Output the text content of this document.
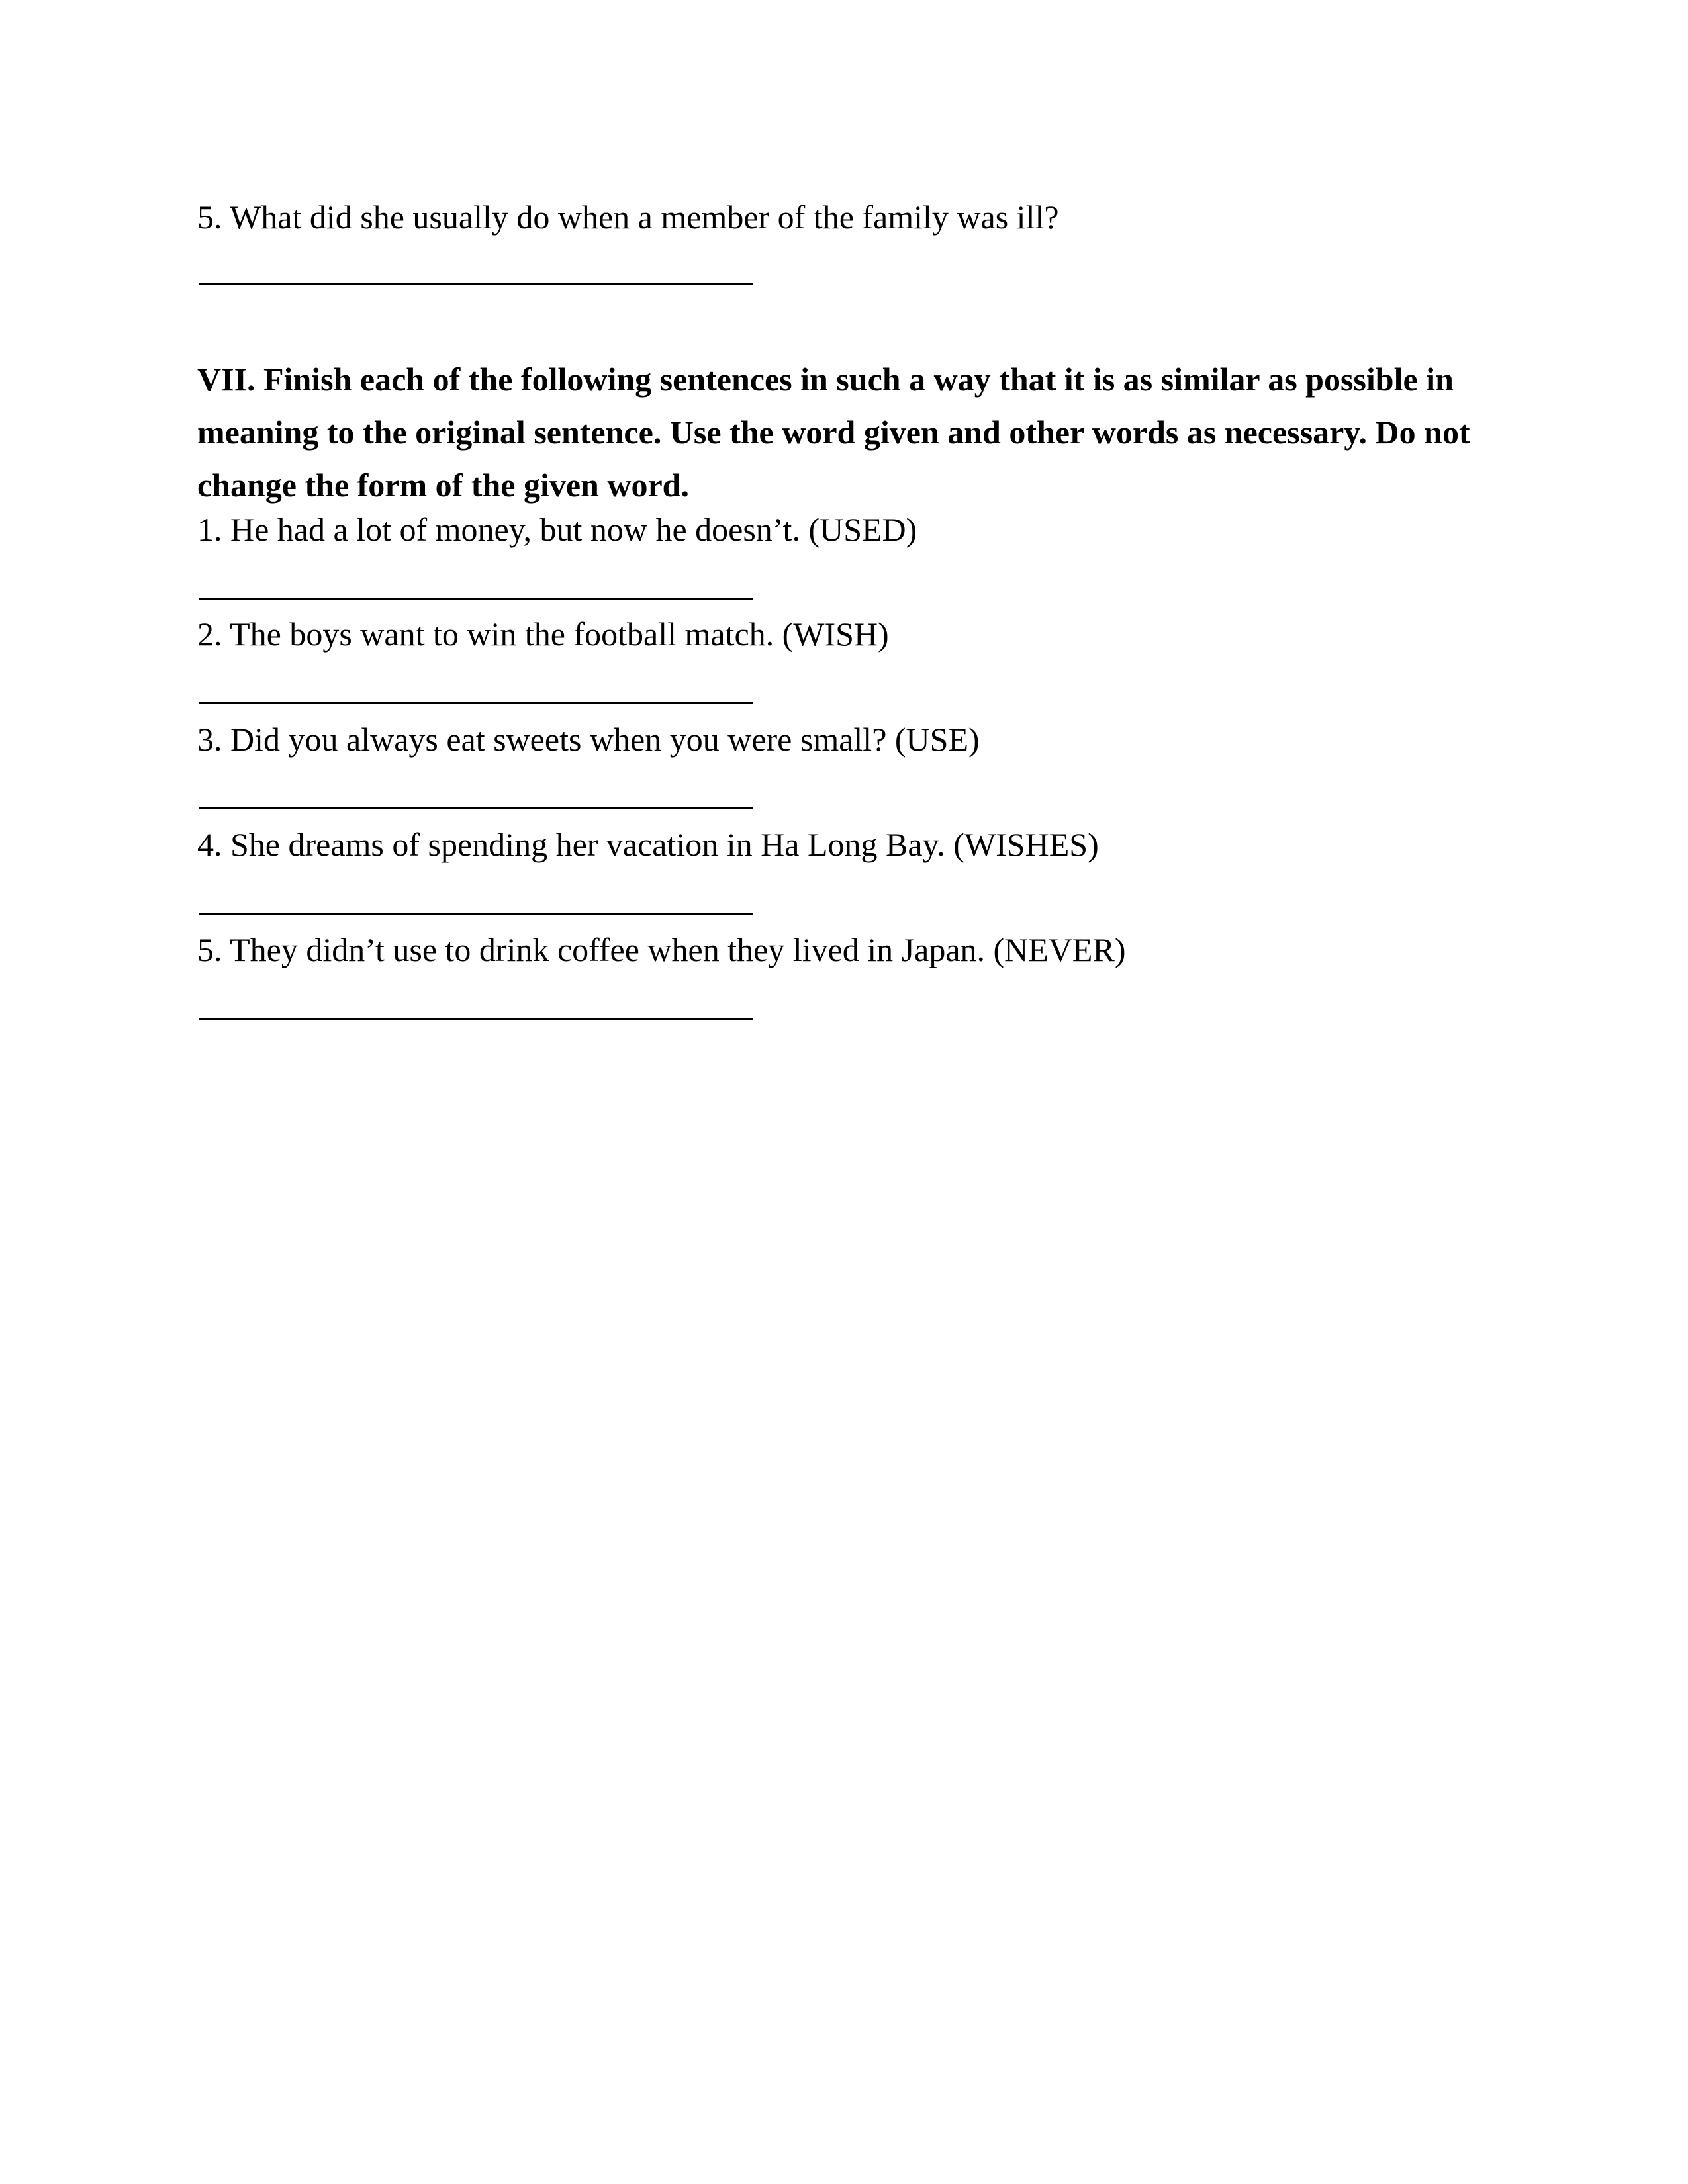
5. What did she usually do when a member of the family was ill?

VII. Finish each of the following sentences in such a way that it is as similar as possible in meaning to the original sentence. Use the word given and other words as necessary. Do not change the form of the given word.

1. He had a lot of money, but now he doesn’t. (USED)

2. The boys want to win the football match. (WISH)

3. Did you always eat sweets when you were small? (USE)

4. She dreams of spending her vacation in Ha Long Bay. (WISHES)

5. They didn’t use to drink coffee when they lived in Japan. (NEVER)
